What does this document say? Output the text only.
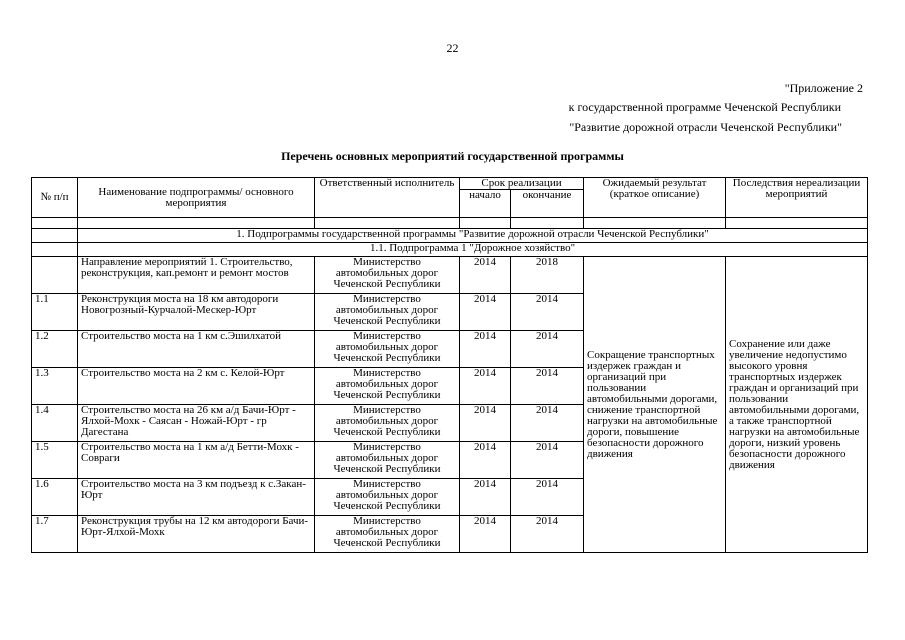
22
"Приложение 2
к государственной программе Чеченской Республики
"Развитие дорожной отрасли Чеченской Республики"
Перечень основных мероприятий государственной программы
№ п/п	Наименование подпрограммы/ основного мероприятия	Ответственный исполнитель	Срок реализации		Ожидаемый результат (краткое описание)	Последствия нереализации мероприятий
			начало	окончание		

	1. Подпрограммы государственной программы "Развитие дорожной отрасли Чеченской Республики"					
	1.1. Подпрограмма 1 "Дорожное хозяйство"					
	Направление мероприятий 1. Строительство, реконструкция, кап.ремонт и ремонт мостов	Министерство автомобильных дорог Чеченской Республики	2014	2018	Сокращение транспортных издержек граждан и организаций при пользовании автомобильными дорогами, снижение транспортной нагрузки на автомобильные дороги, повышение безопасности дорожного движения	Сохранение или даже увеличение недопустимо высокого уровня транспортных издержек граждан и организаций при пользовании автомобильными дорогами, а также транспортной нагрузки на автомобильные дороги, низкий уровень безопасности дорожного движения
1.1	Реконструкция моста на 18 км автодороги Новогрозный-Курчалой-Мескер-Юрт	Министерство автомобильных дорог Чеченской Республики	2014	2014		
1.2	Строительство моста на 1 км с.Эшилхатой	Министерство автомобильных дорог Чеченской Республики	2014	2014		
1.3	Строительство моста на 2 км с. Келой-Юрт	Министерство автомобильных дорог Чеченской Республики	2014	2014		
1.4	Строительство моста на 26 км а/д Бачи-Юрт - Ялхой-Мохк - Саясан - Ножай-Юрт - гр Дагестана	Министерство автомобильных дорог Чеченской Республики	2014	2014		
1.5	Строительство моста на 1 км а/д Бетти-Мохк - Совраги	Министерство автомобильных дорог Чеченской Республики	2014	2014		
1.6	Строительство моста на 3 км подъезд к с.Закан-Юрт	Министерство автомобильных дорог Чеченской Республики	2014	2014		
1.7	Реконструкция трубы на 12 км автодороги Бачи-Юрт-Ялхой-Мохк	Министерство автомобильных дорог Чеченской Республики	2014	2014		
